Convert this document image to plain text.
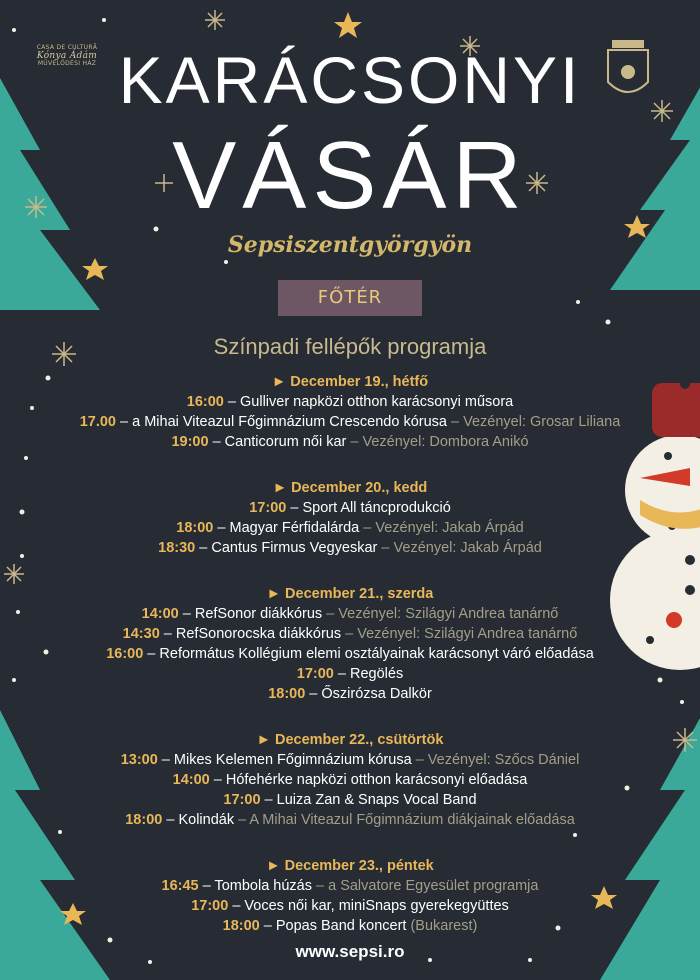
CASA DE CULTURĂ
Kónya Ádám
MŰVELŐDÉSI HÁZ KARÁCSONYI
VÁSÁR
Sepsiszentgyörgyön
FŐTÉR
Színpadi fellépők programja
► December 19., hétfő
16:00 – Gulliver napközi otthon karácsonyi műsora
17.00 – a Mihai Viteazul Főgimnázium Crescendo kórusa – Vezényel: Grosar Liliana
19:00 – Canticorum női kar – Vezényel: Dombora Anikó
► December 20., kedd
17:00 – Sport All táncprodukció
18:00 – Magyar Férfidalárda – Vezényel: Jakab Árpád
18:30 – Cantus Firmus Vegyeskar – Vezényel: Jakab Árpád
► December 21., szerda
14:00 – RefSonor diákkórus – Vezényel: Szilágyi Andrea tanárnő
14:30 – RefSonorocska diákkórus – Vezényel: Szilágyi Andrea tanárnő
16:00 – Református Kollégium elemi osztályainak karácsonyt váró előadása
17:00 – Regölés
18:00 – Őszirózsa Dalkör
► December 22., csütörtök
13:00 – Mikes Kelemen Főgimnázium kórusa – Vezényel: Szőcs Dániel
14:00 – Hófehérke napközi otthon karácsonyi előadása
17:00 – Luiza Zan & Snaps Vocal Band
18:00 – Kolindák – A Mihai Viteazul Főgimnázium diákjainak előadása
► December 23., péntek
16:45 – Tombola húzás – a Salvatore Egyesület programja
17:00 – Voces női kar, miniSnaps gyerekegyüttes
18:00 – Popas Band koncert (Bukarest)
www.sepsi.ro
